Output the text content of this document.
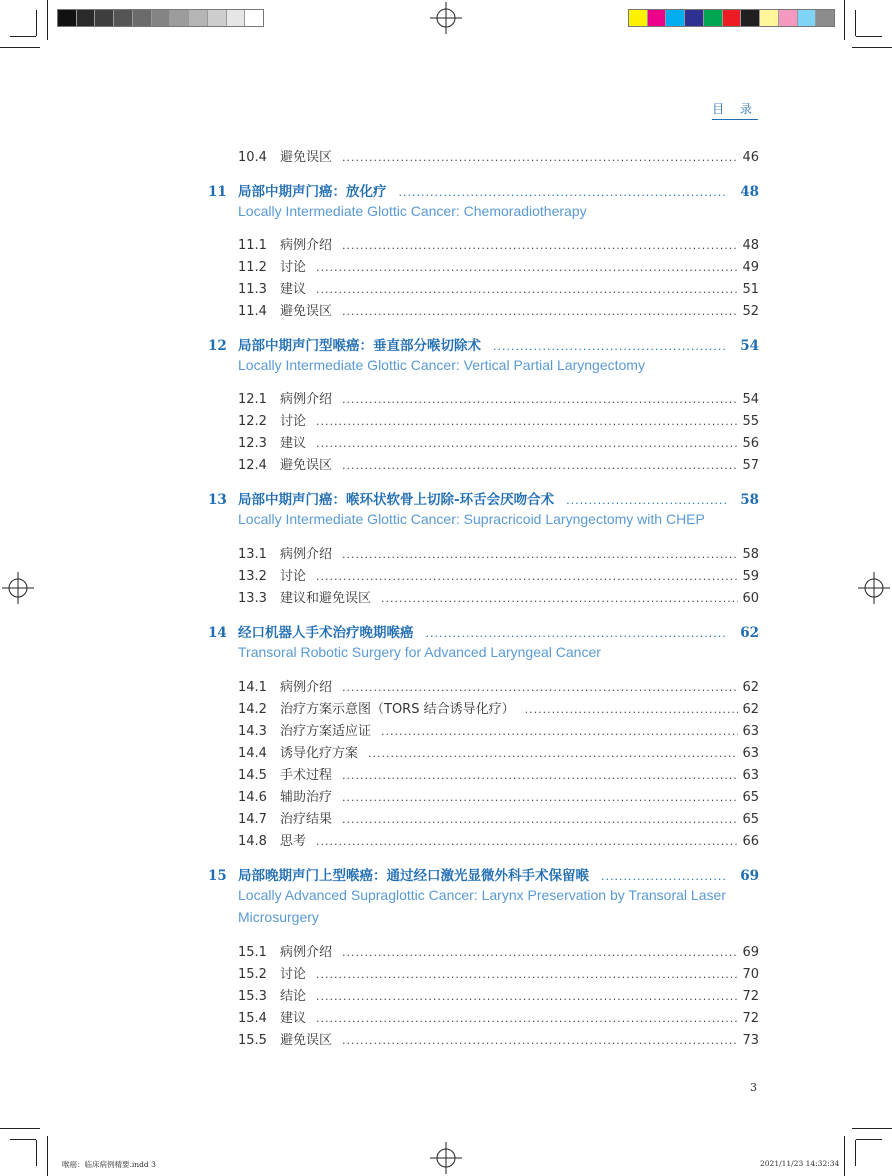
目 录
10.4	避免误区 .....	46
11 局部中期声门癌：放化疗 .....	48
Locally Intermediate Glottic Cancer: Chemoradiotherapy
11.1	病例介绍 .....	48
11.2	讨论 .....	49
11.3	建议 .....	51
11.4	避免误区 .....	52
12 局部中期声门型喉癌：垂直部分喉切除术 .....	54
Locally Intermediate Glottic Cancer: Vertical Partial Laryngectomy
12.1	病例介绍 .....	54
12.2	讨论 .....	55
12.3	建议 .....	56
12.4	避免误区 .....	57
13 局部中期声门癌：喉环状软骨上切除-环舌会厌吻合术 .....	58
Locally Intermediate Glottic Cancer: Supracricoid Laryngectomy with CHEP
13.1	病例介绍 .....	58
13.2	讨论 .....	59
13.3	建议和避免误区 .....	60
14 经口机器人手术治疗晚期喉癌 .....	62
Transoral Robotic Surgery for Advanced Laryngeal Cancer
14.1	病例介绍 .....	62
14.2	治疗方案示意图（TORS 结合诱导化疗） .....	62
14.3	治疗方案适应证 .....	63
14.4	诱导化疗方案 .....	63
14.5	手术过程 .....	63
14.6	辅助治疗 .....	65
14.7	治疗结果 .....	65
14.8	思考 .....	66
15 局部晚期声门上型喉癌：通过经口激光显微外科手术保留喉 .....	69
Locally Advanced Supraglottic Cancer: Larynx Preservation by Transoral Laser Microsurgery
15.1	病例介绍 .....	69
15.2	讨论 .....	70
15.3	结论 .....	72
15.4	建议 .....	72
15.5	避免误区 .....	73
3
喉癌：临床病例精要.indd 3	2021/11/23 14:32:34
